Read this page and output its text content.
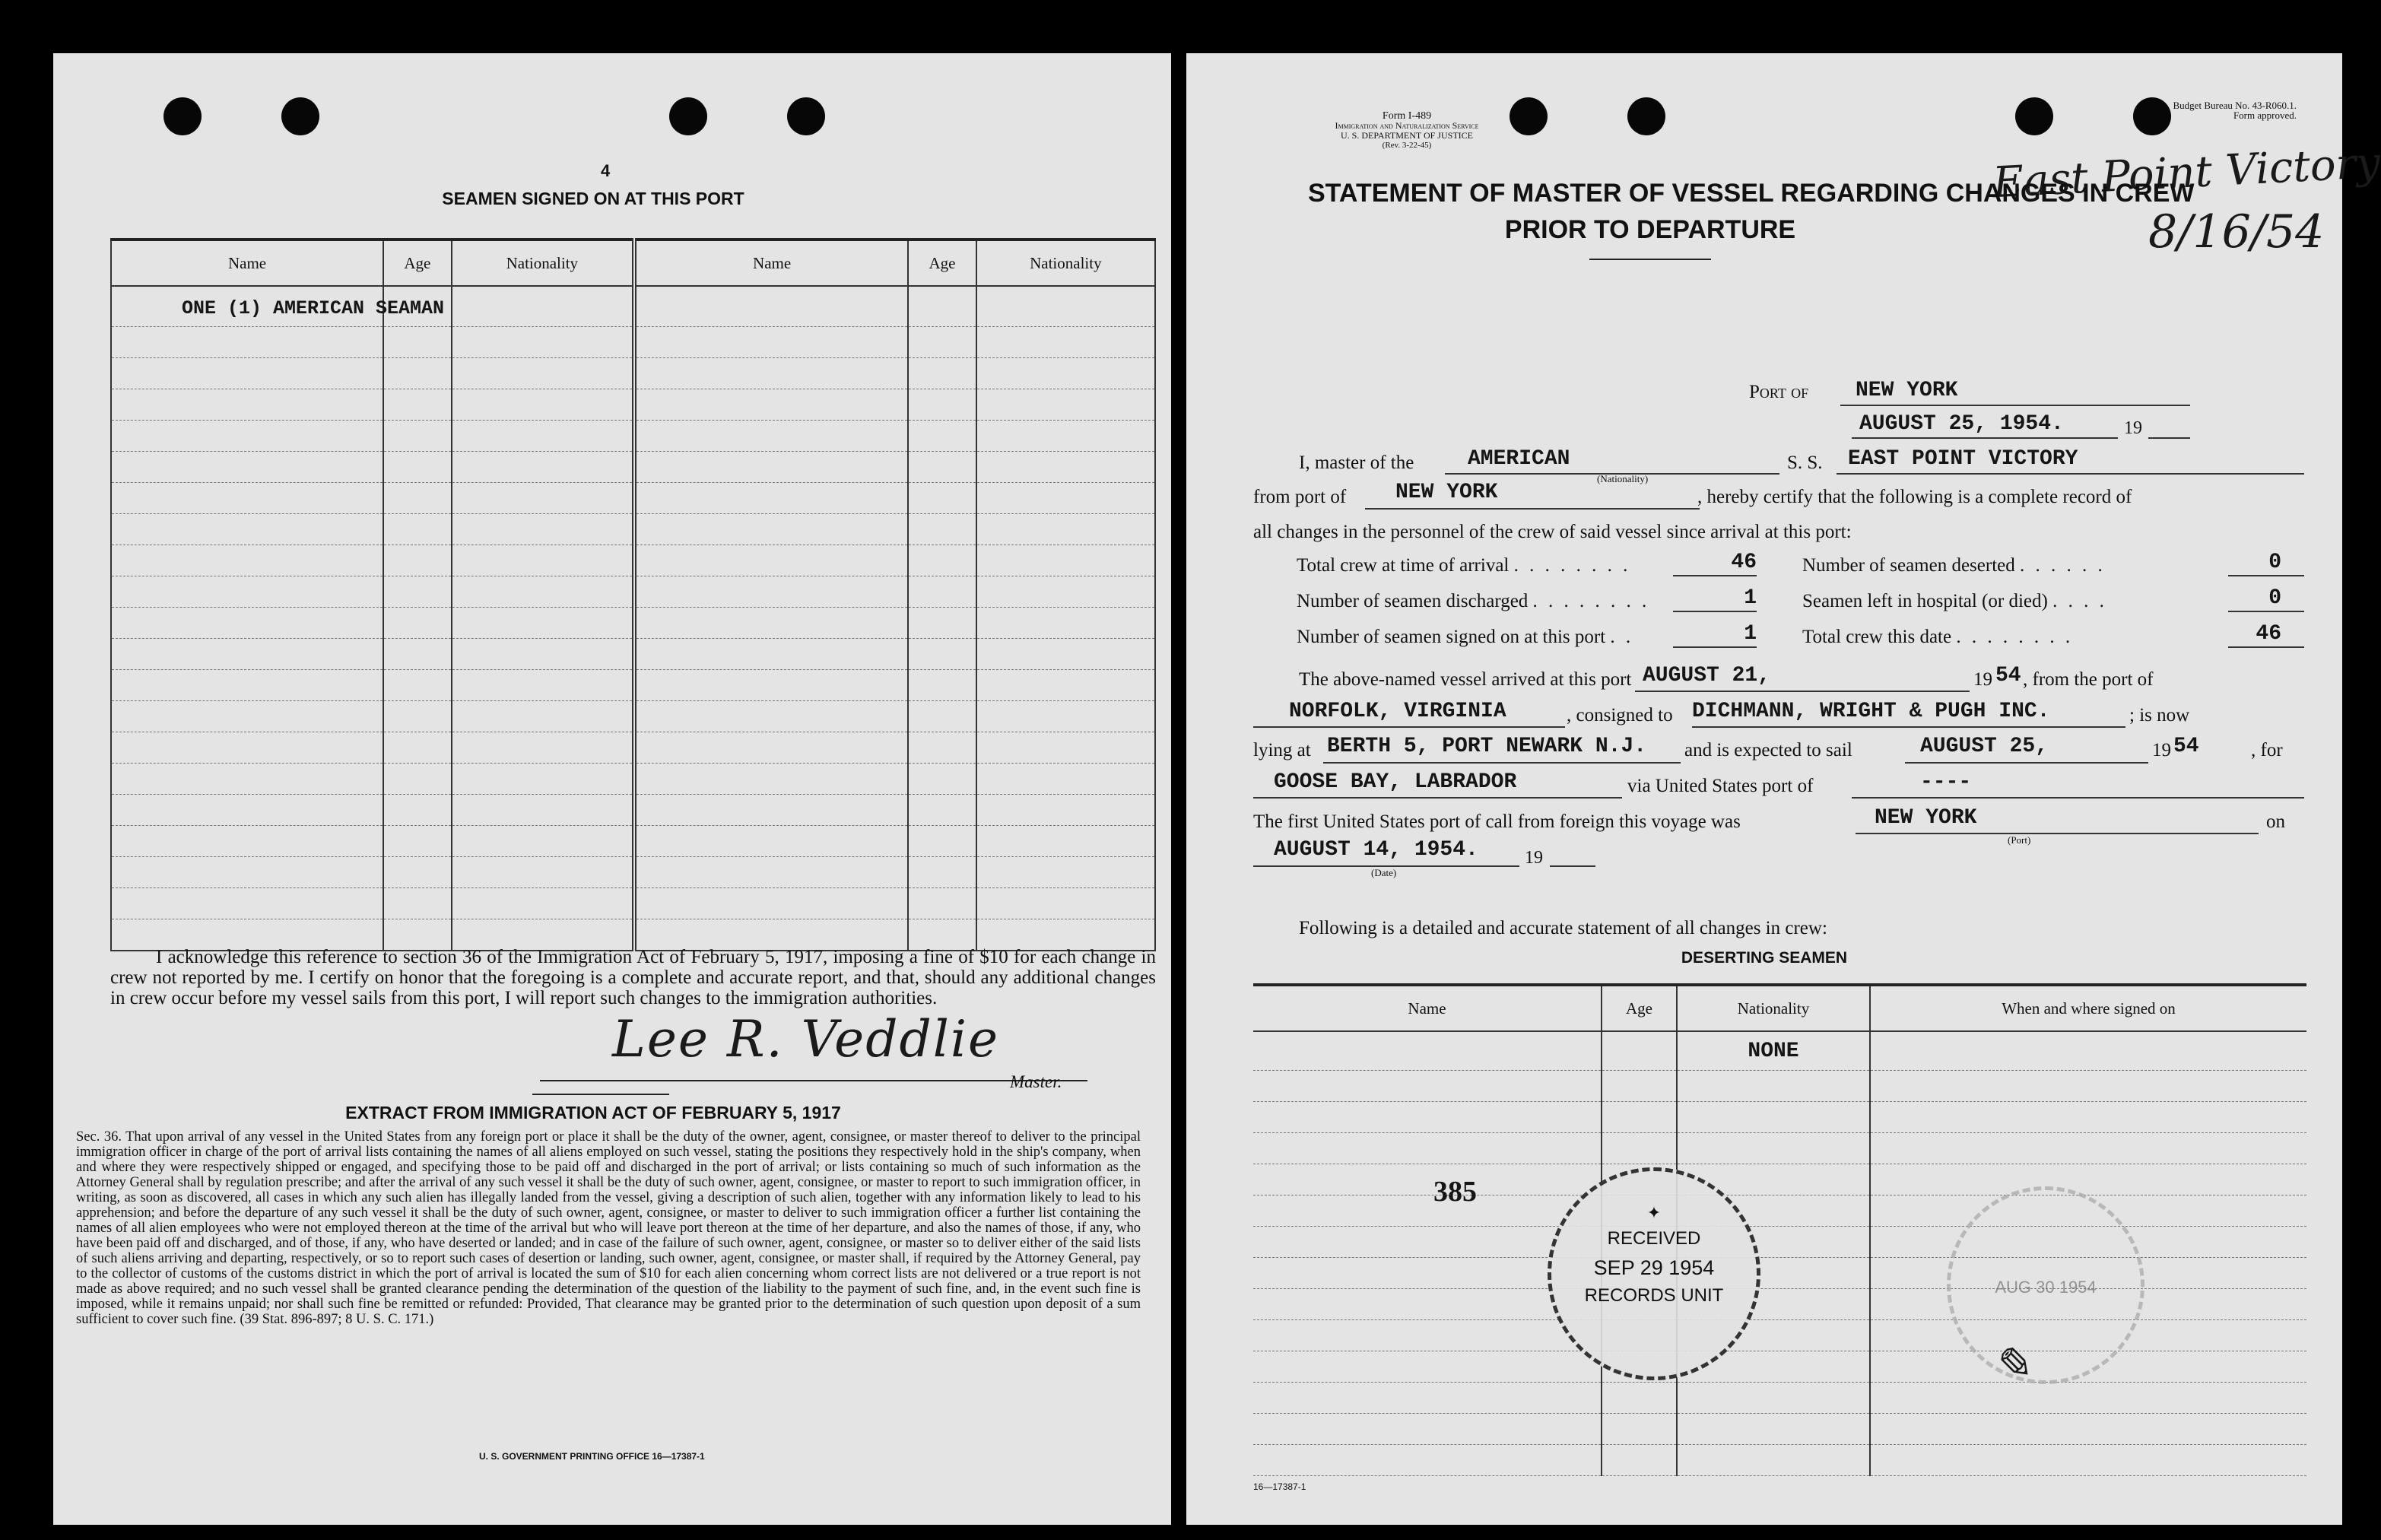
4
SEAMEN SIGNED ON AT THIS PORT
Name	Age	Nationality	Name	Age	Nationality

ONE (1) AMERICAN SEAMAN					

I acknowledge this reference to section 36 of the Immigration Act of February 5, 1917, imposing a fine of $10 for each change in crew not reported by me. I certify on honor that the foregoing is a complete and accurate report, and that, should any additional changes in crew occur before my vessel sails from this port, I will report such changes to the immigration authorities.
Lee R. Veddlie
Master.
EXTRACT FROM IMMIGRATION ACT OF FEBRUARY 5, 1917
Sec. 36. That upon arrival of any vessel in the United States from any foreign port or place it shall be the duty of the owner, agent, consignee, or master thereof to deliver to the principal immigration officer in charge of the port of arrival lists containing the names of all aliens employed on such vessel, stating the positions they respectively hold in the ship's company, when and where they were respectively shipped or engaged, and specifying those to be paid off and discharged in the port of arrival; or lists containing so much of such information as the Attorney General shall by regulation prescribe; and after the arrival of any such vessel it shall be the duty of such owner, agent, consignee, or master to report to such immigration officer, in writing, as soon as discovered, all cases in which any such alien has illegally landed from the vessel, giving a description of such alien, together with any information likely to lead to his apprehension; and before the departure of any such vessel it shall be the duty of such owner, agent, consignee, or master to deliver to such immigration officer a further list containing the names of all alien employees who were not employed thereon at the time of the arrival but who will leave port thereon at the time of her departure, and also the names of those, if any, who have been paid off and discharged, and of those, if any, who have deserted or landed; and in case of the failure of such owner, agent, consignee, or master so to deliver either of the said lists of such aliens arriving and departing, respectively, or so to report such cases of desertion or landing, such owner, agent, consignee, or master shall, if required by the Attorney General, pay to the collector of customs of the customs district in which the port of arrival is located the sum of $10 for each alien concerning whom correct lists are not delivered or a true report is not made as above required; and no such vessel shall be granted clearance pending the determination of the question of the liability to the payment of such fine, and, in the event such fine is imposed, while it remains unpaid; nor shall such fine be remitted or refunded: Provided, That clearance may be granted prior to the determination of such question upon deposit of a sum sufficient to cover such fine. (39 Stat. 896-897; 8 U. S. C. 171.)
U. S. GOVERNMENT PRINTING OFFICE 16—17387-1
Form I-489
Immigration and Naturalization Service
U. S. DEPARTMENT OF JUSTICE
(Rev. 3-22-45)
Budget Bureau No. 43-R060.1.
Form approved.
East Point Victory
8/16/54
STATEMENT OF MASTER OF VESSEL REGARDING CHANGES IN CREW
PRIOR TO DEPARTURE
Port of NEW YORK
AUGUST 25, 1954.	19
I, master of the	AMERICAN
(Nationality)
S. S. EAST POINT VICTORY
from port of NEW YORK	, hereby certify that the following is a complete record of
all changes in the personnel of the crew of said vessel since arrival at this port:
Total crew at time of arrival . . . . . . . .	46
Number of seamen discharged . . . . . . . .	1
Number of seamen signed on at this port . .	1
Number of seamen deserted . . . . . .	0
Seamen left in hospital (or died) . . . .	0
Total crew this date . . . . . . . .	46
The above-named vessel arrived at this port AUGUST 21,	19 54 , from the port of
NORFOLK, VIRGINIA	, consigned to DICHMANN, WRIGHT & PUGH INC.	; is now
lying at BERTH 5, PORT NEWARK N.J. and is expected to sail	AUGUST 25,	19 54	, for
GOOSE BAY, LABRADOR	via United States port of	----
The first United States port of call from foreign this voyage was	NEW YORK
(Port)
on
AUGUST 14, 1954.
(Date)
19
Following is a detailed and accurate statement of all changes in crew:
DESERTING SEAMEN
Name	Age	Nationality	When and where signed on
		NONE	

385
✦
RECEIVED
SEP 29 1954
RECORDS UNIT	AUG 30 1954
✎
16—17387-1
